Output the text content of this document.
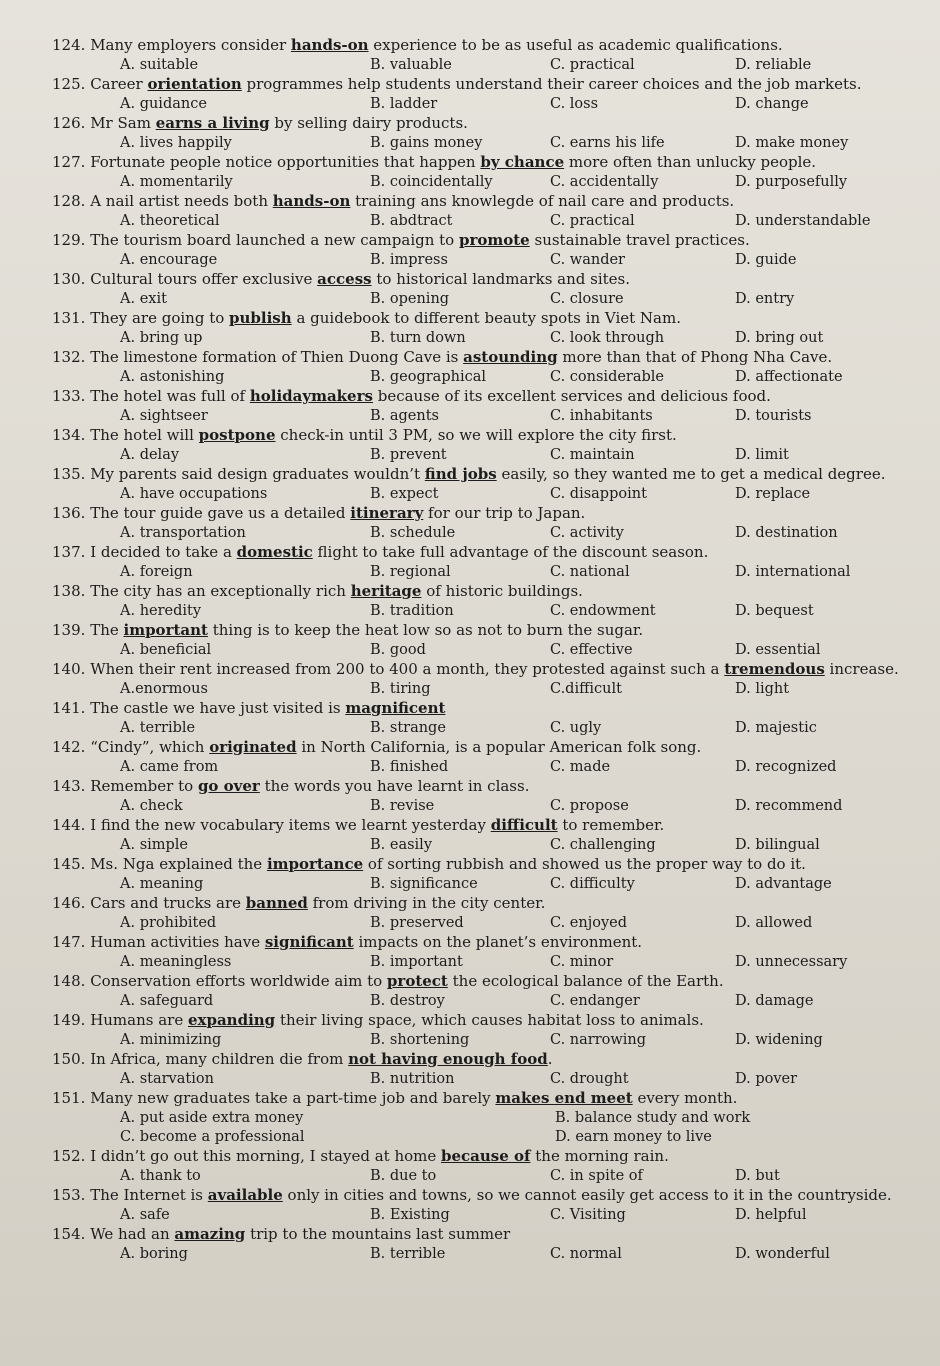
124. Many employers consider hands-on experience to be as useful as academic qualifications.
A. suitable	B. valuable	C. practical	D. reliable
125. Career orientation programmes help students understand their career choices and the job markets.
A. guidance	B. ladder	C. loss	D. change
126. Mr Sam earns a living by selling dairy products.
A. lives happily	B. gains money	C. earns his life	D. make money
127. Fortunate people notice opportunities that happen by chance more often than unlucky people.
A. momentarily	B. coincidentally	C. accidentally	D. purposefully
128. A nail artist needs both hands-on training ans knowlegde of nail care and products.
A. theoretical	B. abdtract	C. practical	D. understandable
129. The tourism board launched a new campaign to promote sustainable travel practices.
A. encourage	B. impress	C. wander	D. guide
130. Cultural tours offer exclusive access to historical landmarks and sites.
A. exit	B. opening	C. closure	D. entry
131. They are going to publish a guidebook to different beauty spots in Viet Nam.
A. bring up	B. turn down	C. look through	D. bring out
132. The limestone formation of Thien Duong Cave is astounding more than that of Phong Nha Cave.
A. astonishing	B. geographical	C. considerable	D. affectionate
133. The hotel was full of holidaymakers because of its excellent services and delicious food.
A. sightseer	B. agents	C. inhabitants	D. tourists
134. The hotel will postpone check-in until 3 PM, so we will explore the city first.
A. delay	B. prevent	C. maintain	D. limit
135. My parents said design graduates wouldn’t find jobs easily, so they wanted me to get a medical degree.
A. have occupations	B. expect	C. disappoint	D. replace
136. The tour guide gave us a detailed itinerary for our trip to Japan.
A. transportation	B. schedule	C. activity	D. destination
137. I decided to take a domestic flight to take full advantage of the discount season.
A. foreign	B. regional	C. national	D. international
138. The city has an exceptionally rich heritage of historic buildings.
A. heredity	B. tradition	C. endowment	D. bequest
139. The important thing is to keep the heat low so as not to burn the sugar.
A. beneficial	B. good	C. effective	D. essential
140. When their rent increased from 200 to 400 a month, they protested against such a tremendous increase.
A.enormous	B. tiring	C.difficult	D. light
141. The castle we have just visited is magnificent
A. terrible	B. strange	C. ugly	D. majestic
142. “Cindy”, which originated in North California, is a popular American folk song.
A. came from	B. finished	C. made	D. recognized
143. Remember to go over the words you have learnt in class.
A. check	B. revise	C. propose	D. recommend
144. I find the new vocabulary items we learnt yesterday difficult to remember.
A. simple	B. easily	C. challenging	D. bilingual
145. Ms. Nga explained the importance of sorting rubbish and showed us the proper way to do it.
A. meaning	B. significance	C. difficulty	D. advantage
146. Cars and trucks are banned from driving in the city center.
A. prohibited	B. preserved	C. enjoyed	D. allowed
147. Human activities have significant impacts on the planet’s environment.
A. meaningless	B. important	C. minor	D. unnecessary
148. Conservation efforts worldwide aim to protect the ecological balance of the Earth.
A. safeguard	B. destroy	C. endanger	D. damage
149. Humans are expanding their living space, which causes habitat loss to animals.
A. minimizing	B. shortening	C. narrowing	D. widening
150. In Africa, many children die from not having enough food.
A. starvation	B. nutrition	C. drought	D. pover
151. Many new graduates take a part-time job and barely makes end meet every month.
A. put aside extra money	B. balance study and work
C. become a professional	D. earn money to live
152. I didn’t go out this morning, I stayed at home because of the morning rain.
A. thank to	B. due to	C. in spite of	D. but
153. The Internet is available only in cities and towns, so we cannot easily get access to it in the countryside.
A. safe	B. Existing	C. Visiting	D. helpful
154. We had an amazing trip to the mountains last summer
A. boring	B. terrible	C. normal	D. wonderful
